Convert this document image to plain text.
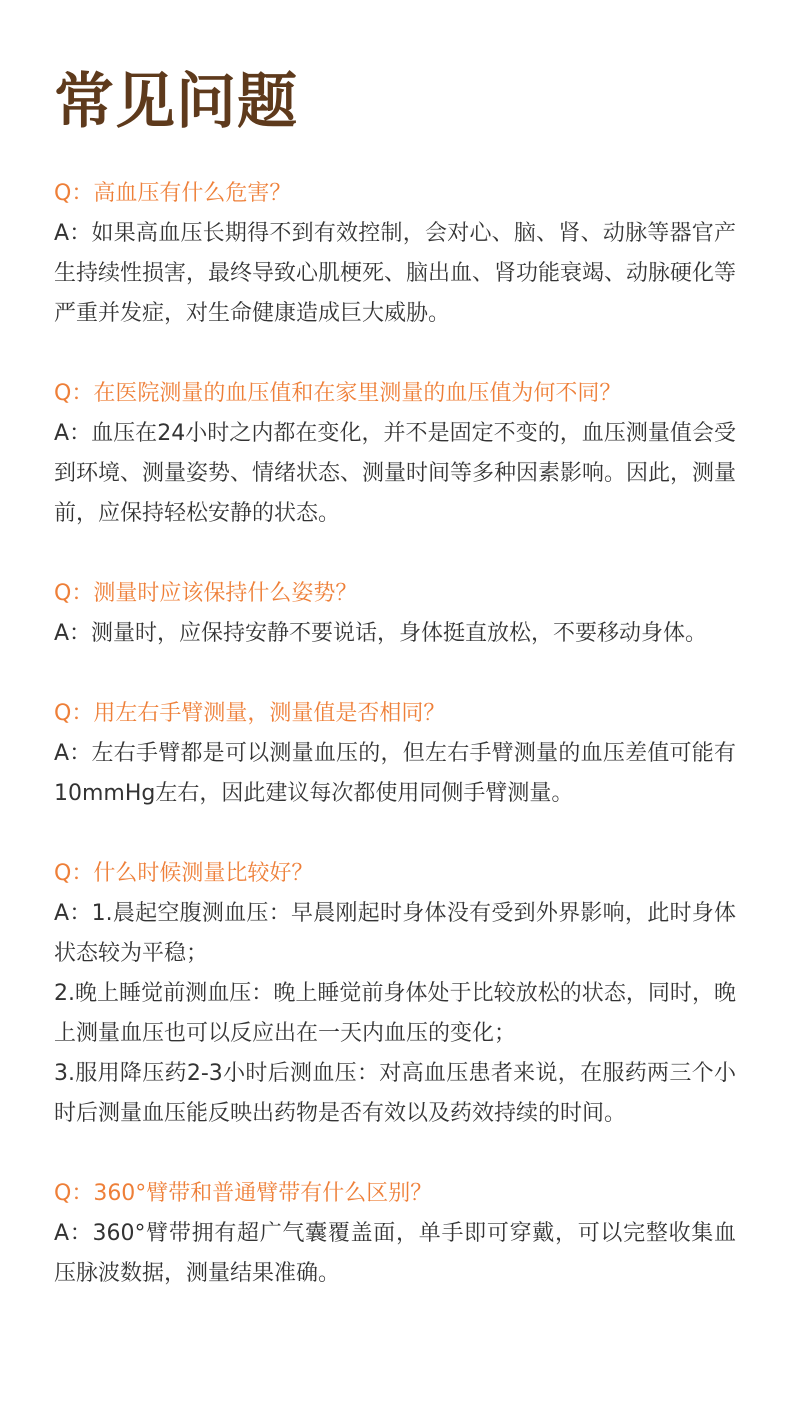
常见问题

Q：高血压有什么危害？

A：如果高血压长期得不到有效控制，会对心、脑、肾、动脉等器官产生持续性损害，最终导致心肌梗死、脑出血、肾功能衰竭、动脉硬化等严重并发症，对生命健康造成巨大威胁。

Q：在医院测量的血压值和在家里测量的血压值为何不同？

A：血压在24小时之内都在变化，并不是固定不变的，血压测量值会受到环境、测量姿势、情绪状态、测量时间等多种因素影响。因此，测量前，应保持轻松安静的状态。

Q：测量时应该保持什么姿势？

A：测量时，应保持安静不要说话，身体挺直放松，不要移动身体。

Q：用左右手臂测量，测量值是否相同？

A：左右手臂都是可以测量血压的，但左右手臂测量的血压差值可能有10mmHg左右，因此建议每次都使用同侧手臂测量。

Q：什么时候测量比较好？

A：1.晨起空腹测血压：早晨刚起时身体没有受到外界影响，此时身体状态较为平稳；

2.晚上睡觉前测血压：晚上睡觉前身体处于比较放松的状态，同时，晚上测量血压也可以反应出在一天内血压的变化；

3.服用降压药2-3小时后测血压：对高血压患者来说，在服药两三个小时后测量血压能反映出药物是否有效以及药效持续的时间。

Q：360°臂带和普通臂带有什么区别？

A：360°臂带拥有超广气囊覆盖面，单手即可穿戴，可以完整收集血压脉波数据，测量结果准确。
